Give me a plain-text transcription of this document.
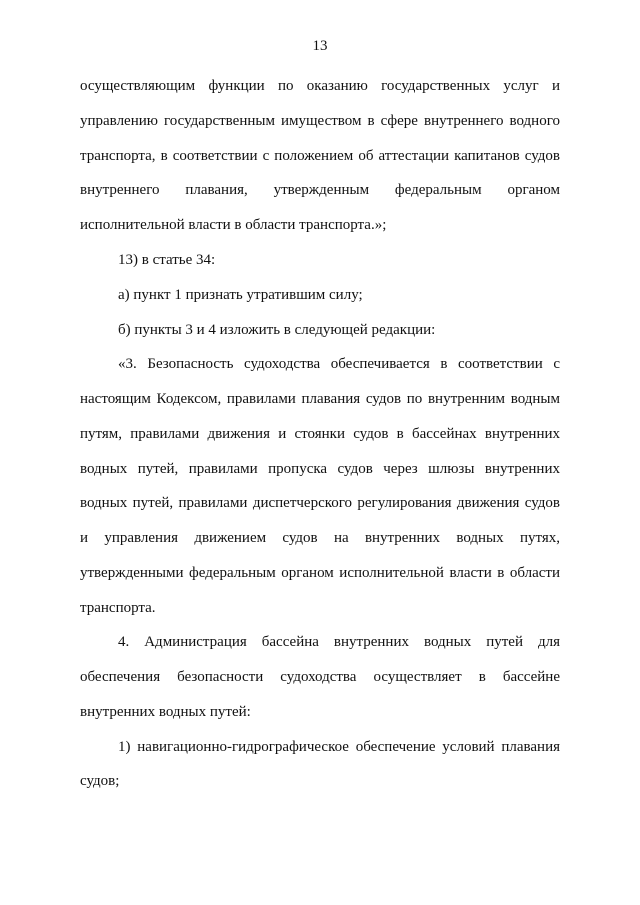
13
осуществляющим функции по оказанию государственных услуг и
управлению государственным имуществом в сфере внутреннего водного
транспорта, в соответствии с положением об аттестации капитанов судов
внутреннего плавания, утвержденным федеральным органом
исполнительной власти в области транспорта.»;
13) в статье 34:
а) пункт 1 признать утратившим силу;
б) пункты 3 и 4 изложить в следующей редакции:
«3. Безопасность судоходства обеспечивается в соответствии с
настоящим Кодексом, правилами плавания судов по внутренним водным
путям, правилами движения и стоянки судов в бассейнах внутренних
водных путей, правилами пропуска судов через шлюзы внутренних
водных путей, правилами диспетчерского регулирования движения судов
и управления движением судов на внутренних водных путях,
утвержденными федеральным органом исполнительной власти в области
транспорта.
4. Администрация бассейна внутренних водных путей для
обеспечения безопасности судоходства осуществляет в бассейне
внутренних водных путей:
1) навигационно-гидрографическое обеспечение условий плавания
судов;
